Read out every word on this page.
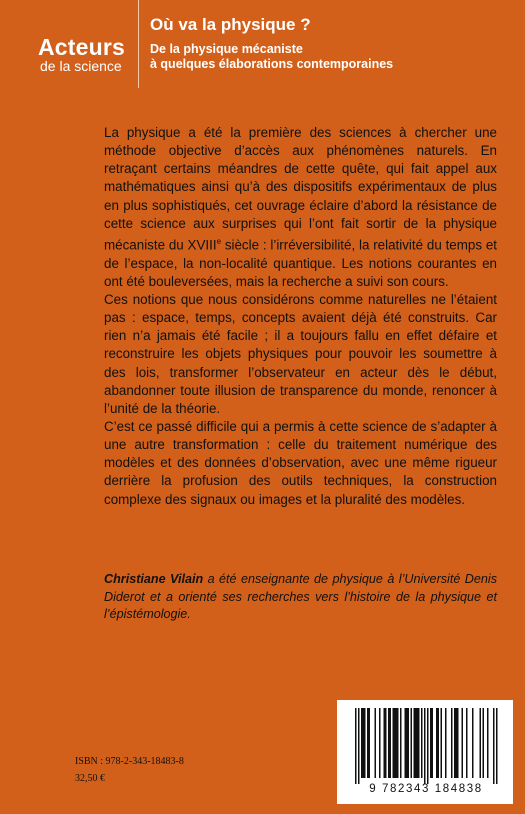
Acteurs
de la science
Où va la physique ?
De la physique mécaniste
à quelques élaborations contemporaines

La physique a été la première des sciences à chercher une méthode objective d’accès aux phénomènes naturels. En retraçant certains méandres de cette quête, qui fait appel aux mathématiques ainsi qu’à des dispositifs expérimentaux de plus en plus sophistiqués, cet ouvrage éclaire d’abord la résistance de cette science aux surprises qui l’ont fait sortir de la physique mécaniste du XVIIIe siècle : l’irréversibilité, la relativité du temps et de l’espace, la non-localité quantique. Les notions courantes en ont été bouleversées, mais la recherche a suivi son cours.

Ces notions que nous considérons comme naturelles ne l’étaient pas : espace, temps, concepts avaient déjà été construits. Car rien n’a jamais été facile ; il a toujours fallu en effet défaire et reconstruire les objets physiques pour pouvoir les soumettre à des lois, transformer l’observateur en acteur dès le début, abandonner toute illusion de transparence du monde, renoncer à l’unité de la théorie.

C’est ce passé difficile qui a permis à cette science de s’adapter à une autre transformation : celle du traitement numérique des modèles et des données d’observation, avec une même rigueur derrière la profusion des outils techniques, la construction complexe des signaux ou images et la pluralité des modèles.

Christiane Vilain a été enseignante de physique à l’Université Denis Diderot et a orienté ses recherches vers l’histoire de la physique et l’épistémologie.

ISBN : 978-2-343-18483-8
32,50 €
9 782343 184838
